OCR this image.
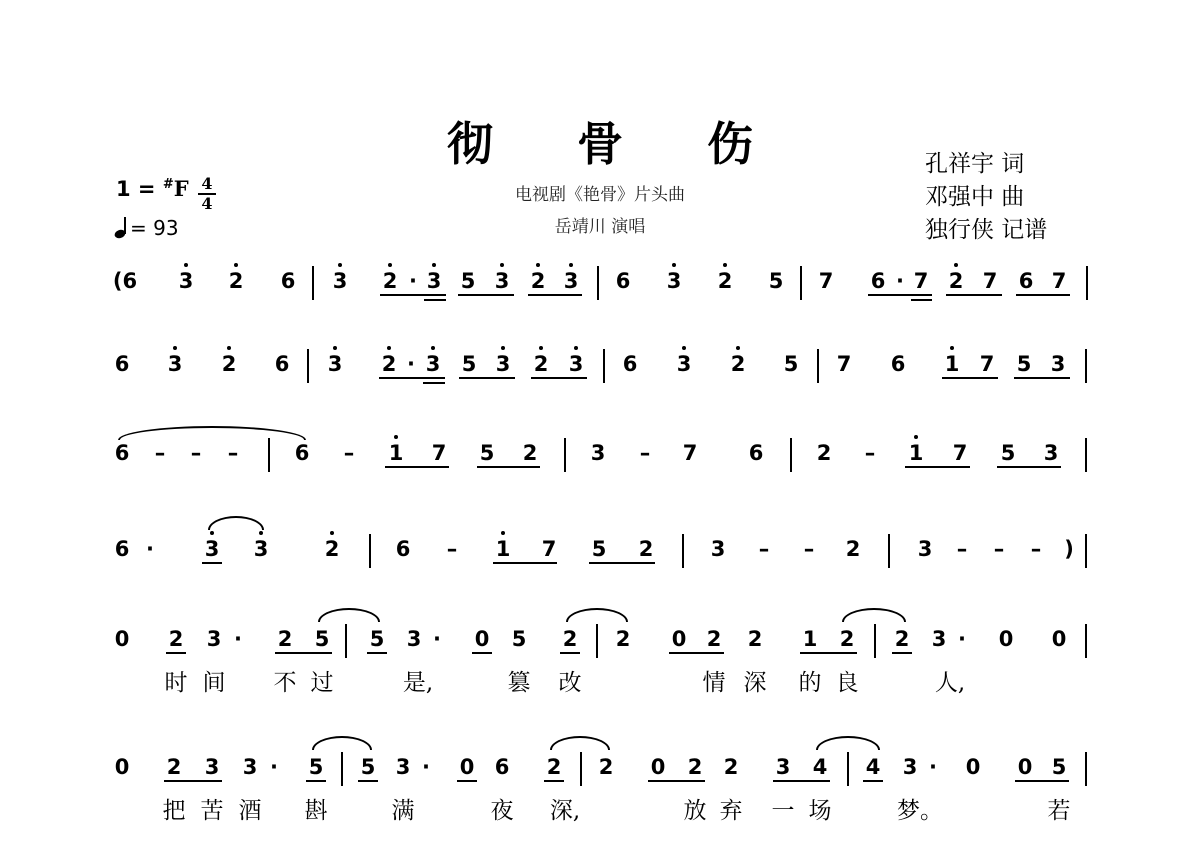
彻 骨 伤
电视剧《艳骨》片头曲
岳靖川 演唱
孔祥宇 词
邓强中 曲
独行侠 记谱
1 = #F 4
4
= 93
(6 3 2 6 3 2 · 3 5 3 2 3 6 3 2 5 7 6 · 7 2 7 6 7
6 3 2 6 3 2 · 3 5 3 2 3 6 3 2 5 7 6 1 7 5 3
6 – – –	6 – 1 7 5 2	3 – 7 6	2 – 1 7 5 3
6 · 3 3	2	6 – 1 7 5 2	3 – – 2	3 – – – )
0 2 3 · 2 5 5 3 · 0 5 2 2 0 2 2 1 2 2 3 · 0 0
时 间 不 过	是,	篡 改	情 深 的 良	人,
0 2 3 3 · 5 5 3 · 0 6 2 2 0 2 2 3 4 4 3 · 0 0 5
把 苦 酒 斟	满	夜 深,	放 弃 一 场	梦。	若
